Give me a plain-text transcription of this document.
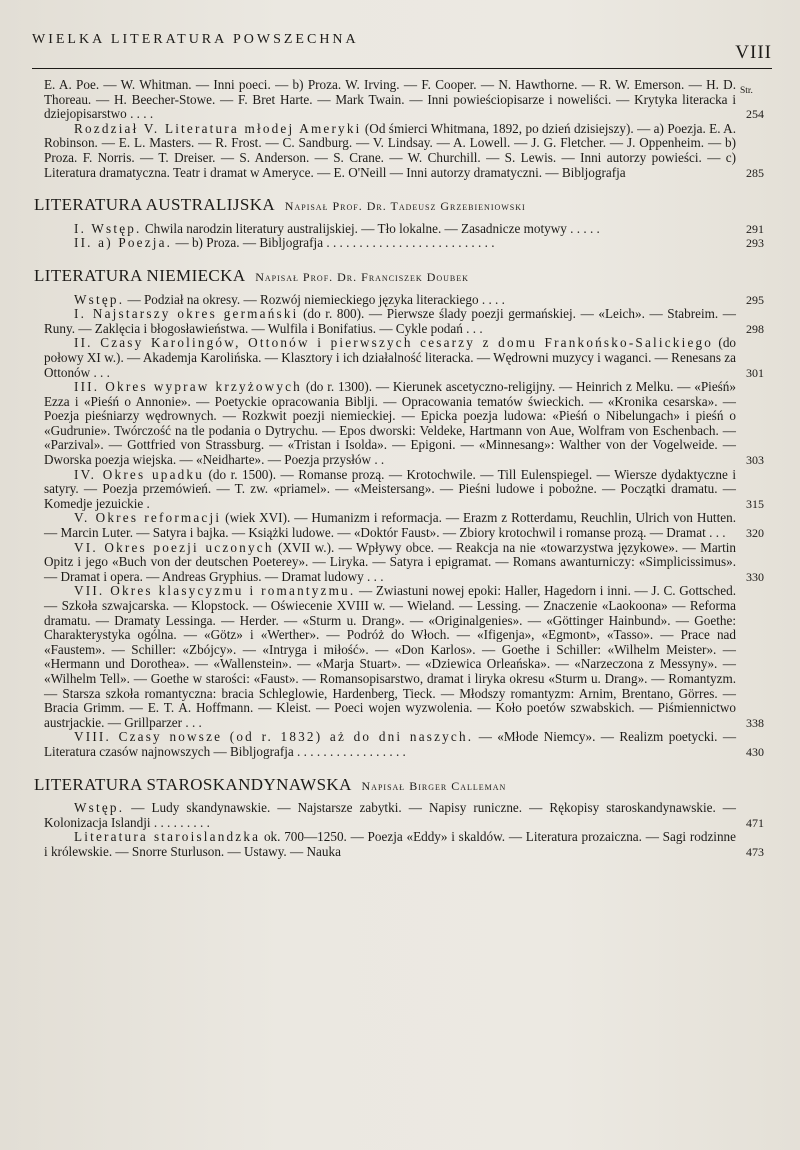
WIELKA LITERATURA POWSZECHNA
VIII
Str.

E. A. Poe. — W. Whitman. — Inni poeci. — b) Proza. W. Irving. — F. Cooper. — N. Hawthorne. — R. W. Emerson. — H. D. Thoreau. — H. Beecher-Stowe. — F. Bret Harte. — Mark Twain. — Inni powieściopisarze i noweliści. — Krytyka literacka i dziejopisarstwo . . . .	254

Rozdział V. Literatura młodej Ameryki (Od śmierci Whitmana, 1892, po dzień dzisiejszy). — a) Poezja. E. A. Robinson. — E. L. Masters. — R. Frost. — C. Sandburg. — V. Lindsay. — A. Lowell. — J. G. Fletcher. — J. Oppenheim. — b) Proza. F. Norris. — T. Dreiser. — S. Anderson. — S. Crane. — W. Churchill. — S. Lewis. — Inni autorzy powieści. — c) Literatura dramatyczna. Teatr i dramat w Ameryce. — E. O'Neill — Inni autorzy dramatyczni. — Bibljografja	285

LITERATURA AUSTRALIJSKA Napisał Prof. Dr. Tadeusz Grzebieniowski

I. Wstęp. Chwila narodzin literatury australijskiej. — Tło lokalne. — Zasadnicze motywy . . . . .	291

II. a) Poezja. — b) Proza. — Bibljografja . . . . . . . . . . . . . . . . . . . . . . . . . .	293

LITERATURA NIEMIECKA Napisał Prof. Dr. Franciszek Doubek

Wstęp. — Podział na okresy. — Rozwój niemieckiego języka literackiego . . . .	295

I. Najstarszy okres germański (do r. 800). — Pierwsze ślady poezji germańskiej. — «Leich». — Stabreim. — Runy. — Zaklęcia i błogosławieństwa. — Wulfila i Bonifatius. — Cykle podań . . .	298

II. Czasy Karolingów, Ottonów i pierwszych cesarzy z domu Frankońsko-Salickiego (do połowy XI w.). — Akademja Karolińska. — Klasztory i ich działalność literacka. — Wędrowni muzycy i waganci. — Renesans za Ottonów . . .	301

III. Okres wypraw krzyżowych (do r. 1300). — Kierunek ascetyczno-religijny. — Heinrich z Melku. — «Pieśń» Ezza i «Pieśń o Annonie». — Poetyckie opracowania Biblji. — Opracowania tematów świeckich. — «Kronika cesarska». — Poezja pieśniarzy wędrownych. — Rozkwit poezji niemieckiej. — Epicka poezja ludowa: «Pieśń o Nibelungach» i pieśń o «Gudrunie». Twórczość na tle podania o Dytrychu. — Epos dworski: Veldeke, Hartmann von Aue, Wolfram von Eschenbach. — «Parzival». — Gottfried von Strassburg. — «Tristan i Isolda». — Epigoni. — «Minnesang»: Walther von der Vogelweide. — Dworska poezja wiejska. — «Neidharte». — Poezja przysłów . .	303

IV. Okres upadku (do r. 1500). — Romanse prozą. — Krotochwile. — Till Eulenspiegel. — Wiersze dydaktyczne i satyry. — Poezja przemówień. — T. zw. «priamel». — «Meistersang». — Pieśni ludowe i pobożne. — Początki dramatu. — Komedje jezuickie .	315

V. Okres reformacji (wiek XVI). — Humanizm i reformacja. — Erazm z Rotterdamu, Reuchlin, Ulrich von Hutten. — Marcin Luter. — Satyra i bajka. — Książki ludowe. — «Doktór Faust». — Zbiory krotochwil i romanse prozą. — Dramat . . . 320

VI. Okres poezji uczonych (XVII w.). — Wpływy obce. — Reakcja na nie «towarzystwa językowe». — Martin Opitz i jego «Buch von der deutschen Poeterey». — Liryka. — Satyra i epigramat. — Romans awanturniczy: «Simplicissimus». — Dramat i opera. — Andreas Gryphius. — Dramat ludowy . . .	330

VII. Okres klasycyzmu i romantyzmu. — Zwiastuni nowej epoki: Haller, Hagedorn i inni. — J. C. Gottsched. — Szkoła szwajcarska. — Klopstock. — Oświecenie XVIII w. — Wieland. — Lessing. — Znaczenie «Laokoona» — Reforma dramatu. — Dramaty Lessinga. — Herder. — «Sturm u. Drang». — «Originalgenies». — «Göttinger Hainbund». — Goethe: Charakterystyka ogólna. — «Götz» i «Werther». — Podróż do Włoch. — «Ifigenja», «Egmont», «Tasso». — Prace nad «Faustem». — Schiller: «Zbójcy». — «Intryga i miłość». — «Don Karlos». — Goethe i Schiller: «Wilhelm Meister». — «Hermann und Dorothea». — «Wallenstein». — «Marja Stuart». — «Dziewica Orleańska». — «Narzeczona z Messyny». — «Wilhelm Tell». — Goethe w starości: «Faust». — Romansopisarstwo, dramat i liryka okresu «Sturm u. Drang». — Romantyzm. — Starsza szkoła romantyczna: bracia Schleglowie, Hardenberg, Tieck. — Młodszy romantyzm: Arnim, Brentano, Görres. — Bracia Grimm. — E. T. A. Hoffmann. — Kleist. — Poeci wojen wyzwolenia. — Koło poetów szwabskich. — Piśmiennictwo austrjackie. — Grillparzer . . .	338

VIII. Czasy nowsze (od r. 1832) aż do dni naszych. — «Młode Niemcy». — Realizm poetycki. — Literatura czasów najnowszych — Bibljografja . . . . . . . . . . . . . . . . .	430

LITERATURA STAROSKANDYNAWSKA Napisał Birger Calleman

Wstęp. — Ludy skandynawskie. — Najstarsze zabytki. — Napisy runiczne. — Rękopisy staroskandynawskie. — Kolonizacja Islandji . . . . . . . . .	471

Literatura staroislandzka ok. 700—1250. — Poezja «Eddy» i skaldów. — Literatura prozaiczna. — Sagi rodzinne i królewskie. — Snorre Sturluson. — Ustawy. — Nauka	473
